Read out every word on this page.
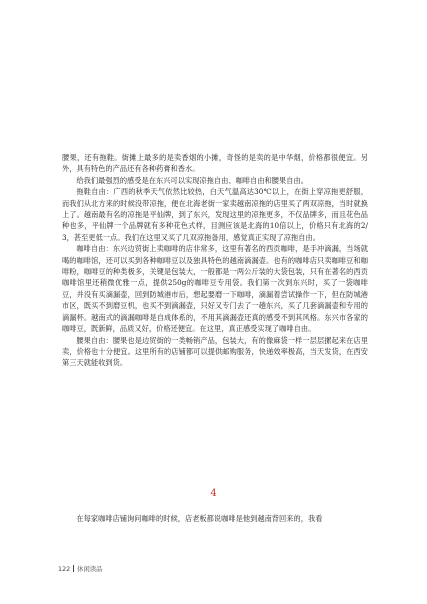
腰果，还有拖鞋。街摊上最多的是卖香烟的小摊，奇怪的是卖的是中华烟，价格都很便宜。另外，具有特色的产品还有各种药膏和香水。

给我们最强烈的感受是在东兴可以实现凉拖自由、咖啡自由和腰果自由。

拖鞋自由：广西的秋季天气依然比较热，白天气温高达30℃以上，在街上穿凉拖更舒服，而我们从北方来的时候没带凉拖，便在北海老街一家卖越南凉拖的店里买了两双凉拖，当时就换上了。越南最有名的凉拖是平仙牌，到了东兴，发现这里的凉拖更多，不仅品牌多，而且花色品种也多，平仙牌一个品牌就有多种花色式样，目测应该是北海的10倍以上，价格只有北海的2/3，甚至更低一点。我们在这里又买了几双凉拖备用，感觉真正实现了凉拖自由。

咖啡自由：东兴边贸街上卖咖啡的店非常多，这里有著名的西贡咖啡，是手冲滴漏，当场就喝的咖啡馆，还可以买到各种咖啡豆以及独具特色的越南滴漏壶。也有的咖啡店只卖咖啡豆和咖啡粉，咖啡豆的种类极多，关键是包装大，一般都是一两公斤装的大袋包装，只有在著名的西贡咖啡馆里还稍微优雅一点，提供250g的咖啡豆专用袋。我们第一次到东兴时，买了一袋咖啡豆，并没有买滴漏壶，回到防城港市后，想起要磨一下咖啡，滴漏着尝试操作一下，但在防城港市区，既买不到磨豆机，也买不到滴漏壶，只好又专门去了一趟东兴，买了几套滴漏壶和专用的滴漏杯。越南式的滴漏咖啡是自成体系的，不用其滴漏壶还真的感受不到其风格。东兴市各家的咖啡豆，既新鲜，品质又好，价格还便宜。在这里，真正感受实现了咖啡自由。

腰果自由：腰果也是边贸街的一类畅销产品，包装大，有的像麻袋一样一层层摞起来在店里卖，价格也十分便宜。这里所有的店铺都可以提供邮购服务，快递效率极高，当天发货，在西安第三天就能收到货。

4

在每家咖啡店铺询问咖啡的时候，店老板都说咖啡是他到越南背回来的，我看

122 休闲读品
